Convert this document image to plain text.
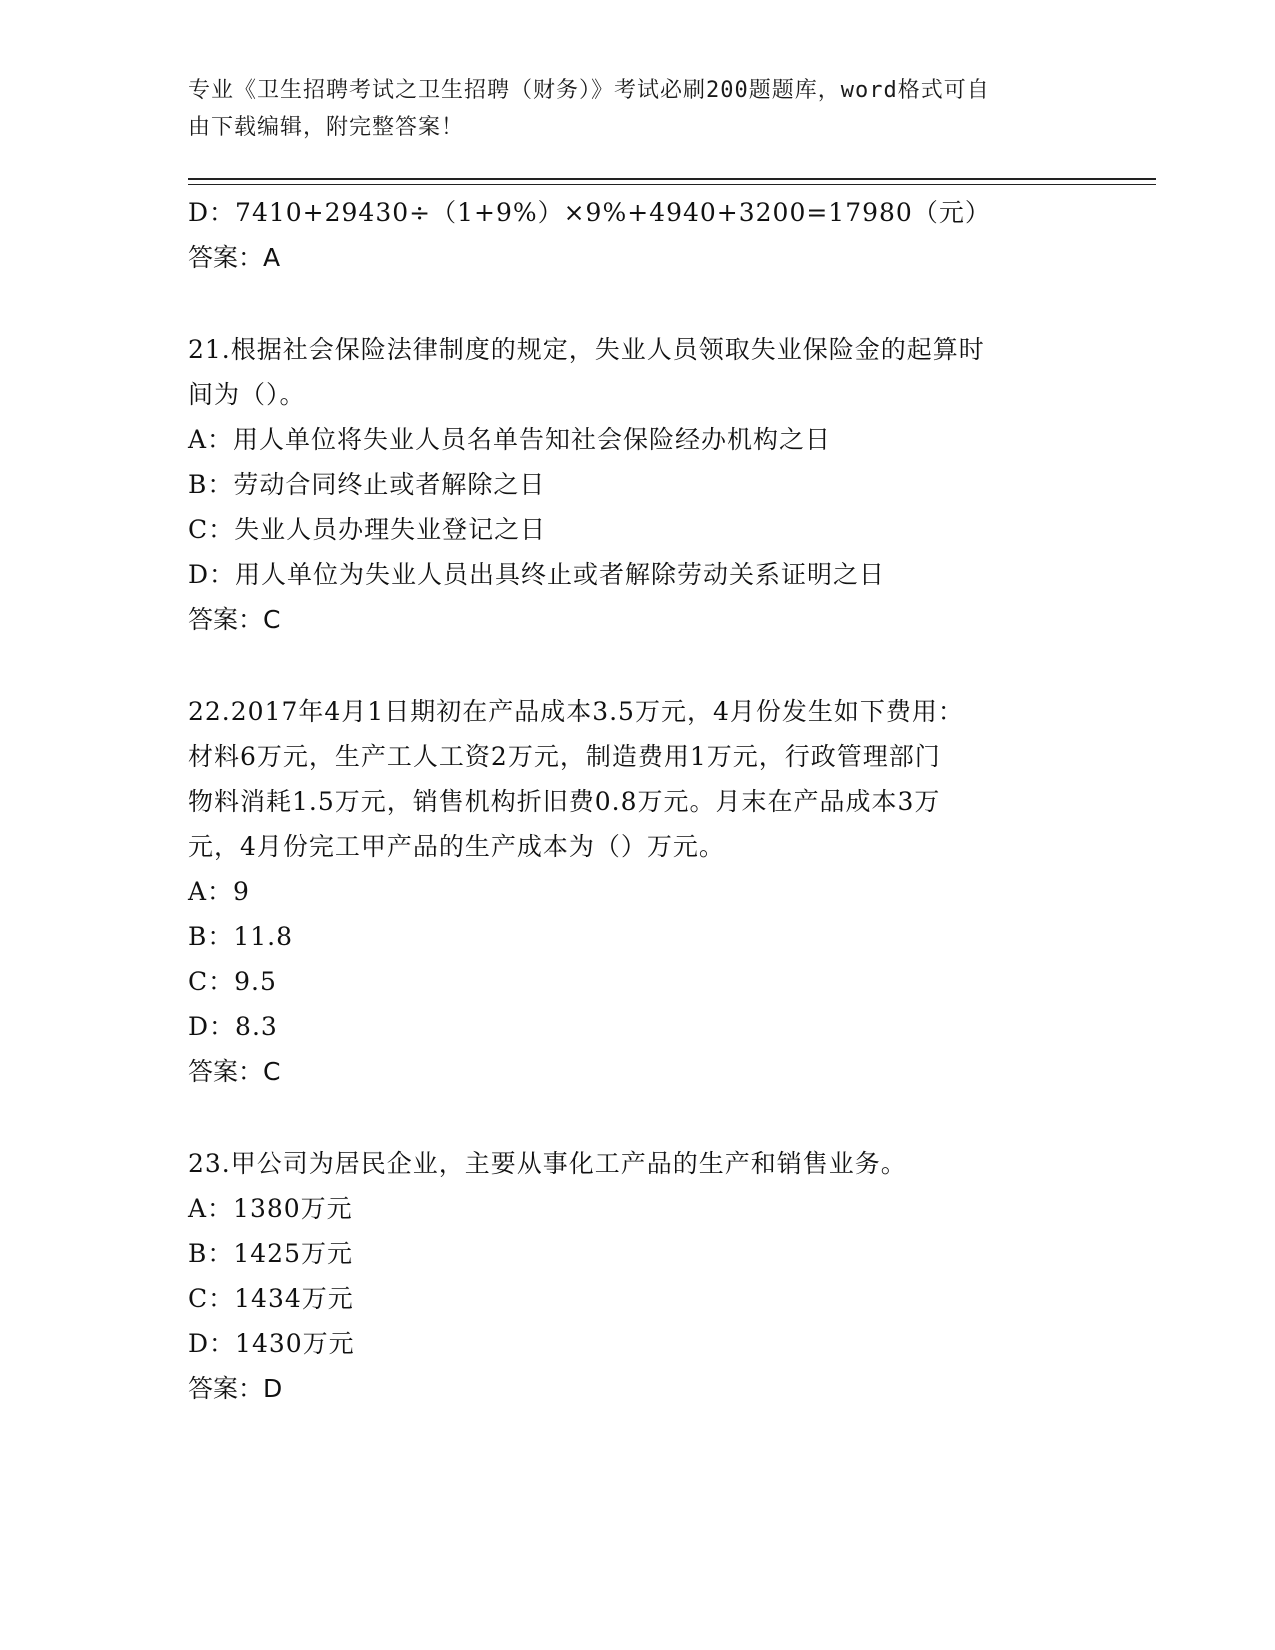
专业《卫生招聘考试之卫生招聘（财务）》考试必刷200题题库，word格式可自
由下载编辑，附完整答案！
D：7410+29430÷（1+9%）×9%+4940+3200=17980（元）
答案：A
21.根据社会保险法律制度的规定，失业人员领取失业保险金的起算时
间为（）。
A：用人单位将失业人员名单告知社会保险经办机构之日
B：劳动合同终止或者解除之日
C：失业人员办理失业登记之日
D：用人单位为失业人员出具终止或者解除劳动关系证明之日
答案：C
22.2017年4月1日期初在产品成本3.5万元，4月份发生如下费用：
材料6万元，生产工人工资2万元，制造费用1万元，行政管理部门
物料消耗1.5万元，销售机构折旧费0.8万元。月末在产品成本3万
元，4月份完工甲产品的生产成本为（）万元。
A：9
B：11.8
C：9.5
D：8.3
答案：C
23.甲公司为居民企业，主要从事化工产品的生产和销售业务。
A：1380万元
B：1425万元
C：1434万元
D：1430万元
答案：D
